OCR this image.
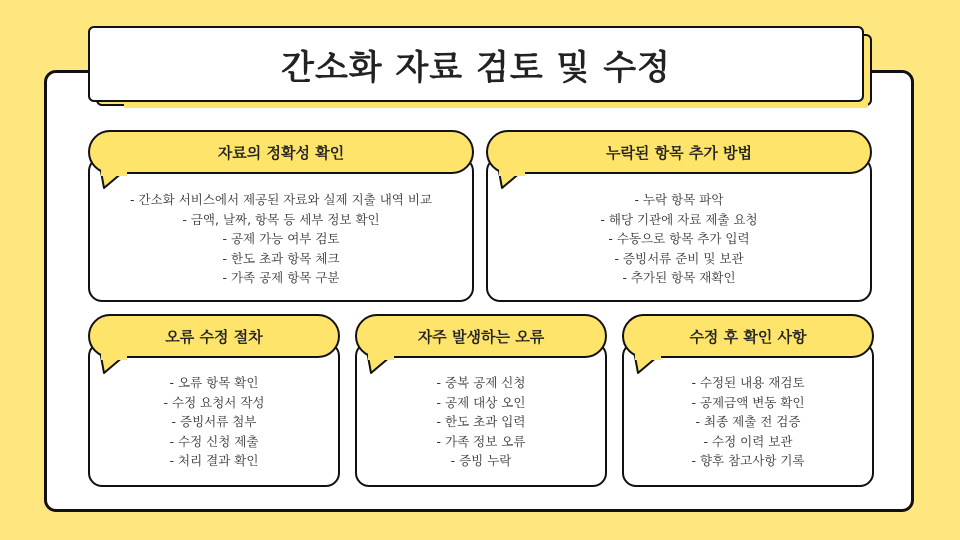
간소화 자료 검토 및 수정
- 간소화 서비스에서 제공된 자료와 실제 지출 내역 비교
- 금액, 날짜, 항목 등 세부 정보 확인
- 공제 가능 여부 검토
- 한도 초과 항목 체크
- 가족 공제 항목 구분
자료의 정확성 확인
- 누락 항목 파악
- 해당 기관에 자료 제출 요청
- 수동으로 항목 추가 입력
- 증빙서류 준비 및 보관
- 추가된 항목 재확인
누락된 항목 추가 방법
- 오류 항목 확인
- 수정 요청서 작성
- 증빙서류 첨부
- 수정 신청 제출
- 처리 결과 확인
오류 수정 절차
- 중복 공제 신청
- 공제 대상 오인
- 한도 초과 입력
- 가족 정보 오류
- 증빙 누락
자주 발생하는 오류
- 수정된 내용 재검토
- 공제금액 변동 확인
- 최종 제출 전 검증
- 수정 이력 보관
- 향후 참고사항 기록
수정 후 확인 사항
